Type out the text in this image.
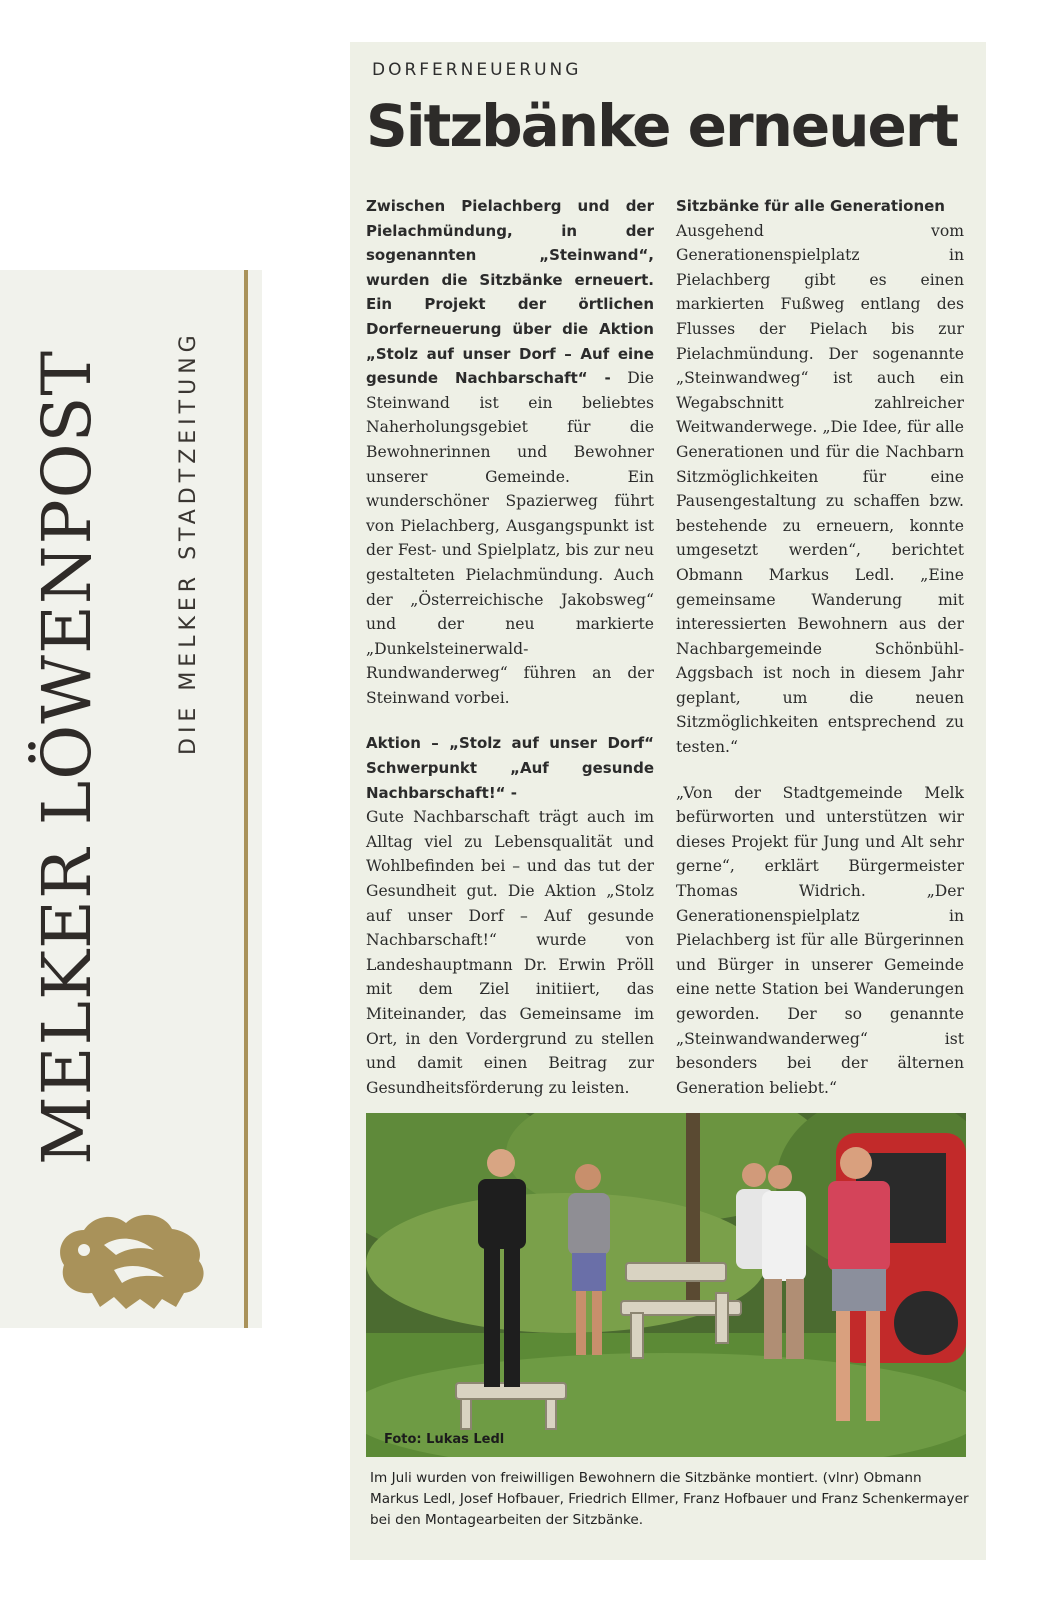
MELKER LÖWENPOST	DIE MELKER STADTZEITUNG
DORFERNEUERUNG
Sitzbänke erneuert

Zwischen Pielachberg und der Pielachmündung, in der sogenannten „Steinwand“, wurden die Sitzbänke erneuert. Ein Projekt der örtlichen Dorferneuerung über die Aktion „Stolz auf unser Dorf – Auf eine gesunde Nachbarschaft“ - Die Steinwand ist ein beliebtes Naherholungsgebiet für die Bewohnerinnen und Bewohner unserer Gemeinde. Ein wunderschöner Spazierweg führt von Pielachberg, Ausgangspunkt ist der Fest- und Spielplatz, bis zur neu gestalteten Pielachmündung. Auch der „Österreichische Jakobsweg“ und der neu markierte „Dunkelsteinerwald-Rundwanderweg“ führen an der Steinwand vorbei.

Aktion – „Stolz auf unser Dorf“ Schwerpunkt „Auf gesunde Nachbarschaft!“ -
Gute Nachbarschaft trägt auch im Alltag viel zu Lebensqualität und Wohlbefinden bei – und das tut der Gesundheit gut. Die Aktion „Stolz auf unser Dorf – Auf gesunde Nachbarschaft!“ wurde von Landeshauptmann Dr. Erwin Pröll mit dem Ziel initiiert, das Miteinander, das Gemeinsame im Ort, in den Vordergrund zu stellen und damit einen Beitrag zur Gesundheitsförderung zu leisten.

Sitzbänke für alle Generationen
Ausgehend vom Generationenspielplatz in Pielachberg gibt es einen markierten Fußweg entlang des Flusses der Pielach bis zur Pielachmündung. Der sogenannte „Steinwandweg“ ist auch ein Wegabschnitt zahlreicher Weitwanderwege. „Die Idee, für alle Generationen und für die Nachbarn Sitzmöglichkeiten für eine Pausengestaltung zu schaffen bzw. bestehende zu erneuern, konnte umgesetzt werden“, berichtet Obmann Markus Ledl. „Eine gemeinsame Wanderung mit interessierten Bewohnern aus der Nachbargemeinde Schönbühl-Aggsbach ist noch in diesem Jahr geplant, um die neuen Sitzmöglichkeiten entsprechend zu testen.“

„Von der Stadtgemeinde Melk befürworten und unterstützen wir dieses Projekt für Jung und Alt sehr gerne“, erklärt Bürgermeister Thomas Widrich. „Der Generationenspielplatz in Pielachberg ist für alle Bürgerinnen und Bürger in unserer Gemeinde eine nette Station bei Wanderungen geworden. Der so genannte „Steinwandwanderweg“ ist besonders bei der älternen Generation beliebt.“

Foto: Lukas Ledl
Im Juli wurden von freiwilligen Bewohnern die Sitzbänke montiert. (vlnr) Obmann Markus Ledl, Josef Hofbauer, Friedrich Ellmer, Franz Hofbauer und Franz Schenkermayer bei den Montagearbeiten der Sitzbänke.
